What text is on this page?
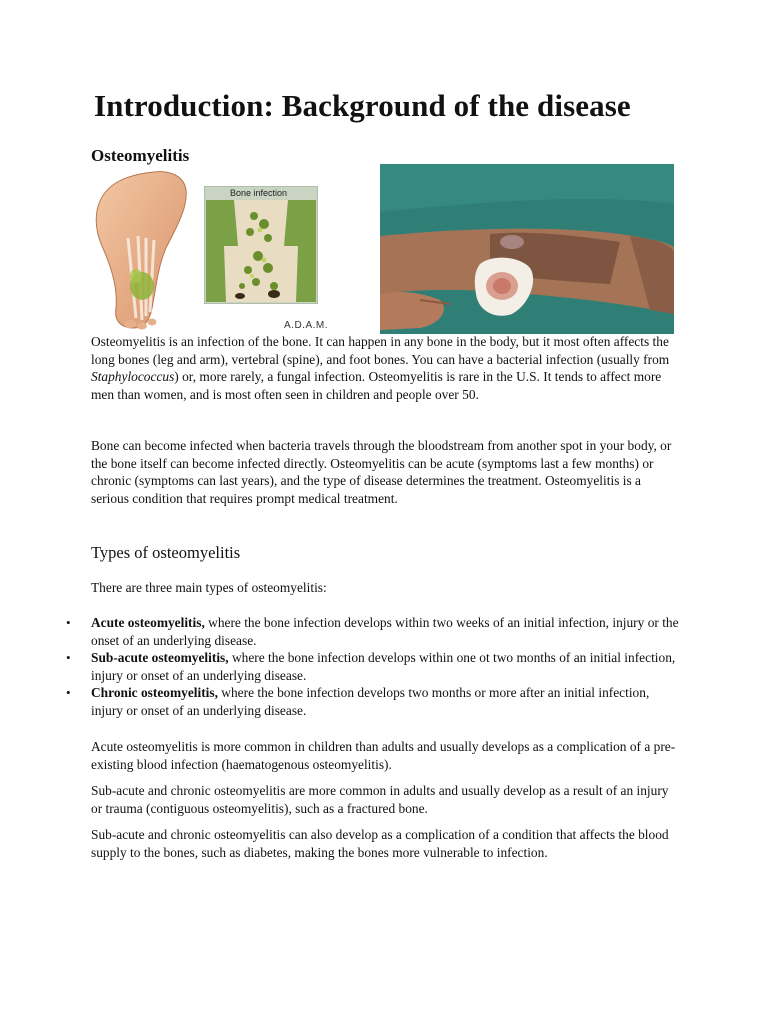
Introduction: Background of the disease
Osteomyelitis
Bone infection
A.D.A.M.

Osteomyelitis is an infection of the bone. It can happen in any bone in the body, but it most often affects the long bones (leg and arm), vertebral (spine), and foot bones. You can have a bacterial infection (usually from Staphylococcus) or, more rarely, a fungal infection. Osteomyelitis is rare in the U.S. It tends to affect more men than women, and is most often seen in children and people over 50.

Bone can become infected when bacteria travels through the bloodstream from another spot in your body, or the bone itself can become infected directly. Osteomyelitis can be acute (symptoms last a few months) or chronic (symptoms can last years), and the type of disease determines the treatment. Osteomyelitis is a serious condition that requires prompt medical treatment.

Types of osteomyelitis

There are three main types of osteomyelitis:

• Acute osteomyelitis, where the bone infection develops within two weeks of an initial infection, injury or the onset of an underlying disease.
• Sub-acute osteomyelitis, where the bone infection develops within one ot two months of an initial infection, injury or onset of an underlying disease.
• Chronic osteomyelitis, where the bone infection develops two months or more after an initial infection, injury or onset of an underlying disease.

Acute osteomyelitis is more common in children than adults and usually develops as a complication of a pre-existing blood infection (haematogenous osteomyelitis).

Sub-acute and chronic osteomyelitis are more common in adults and usually develop as a result of an injury or trauma (contiguous osteomyelitis), such as a fractured bone.

Sub-acute and chronic osteomyelitis can also develop as a complication of a condition that affects the blood supply to the bones, such as diabetes, making the bones more vulnerable to infection.
